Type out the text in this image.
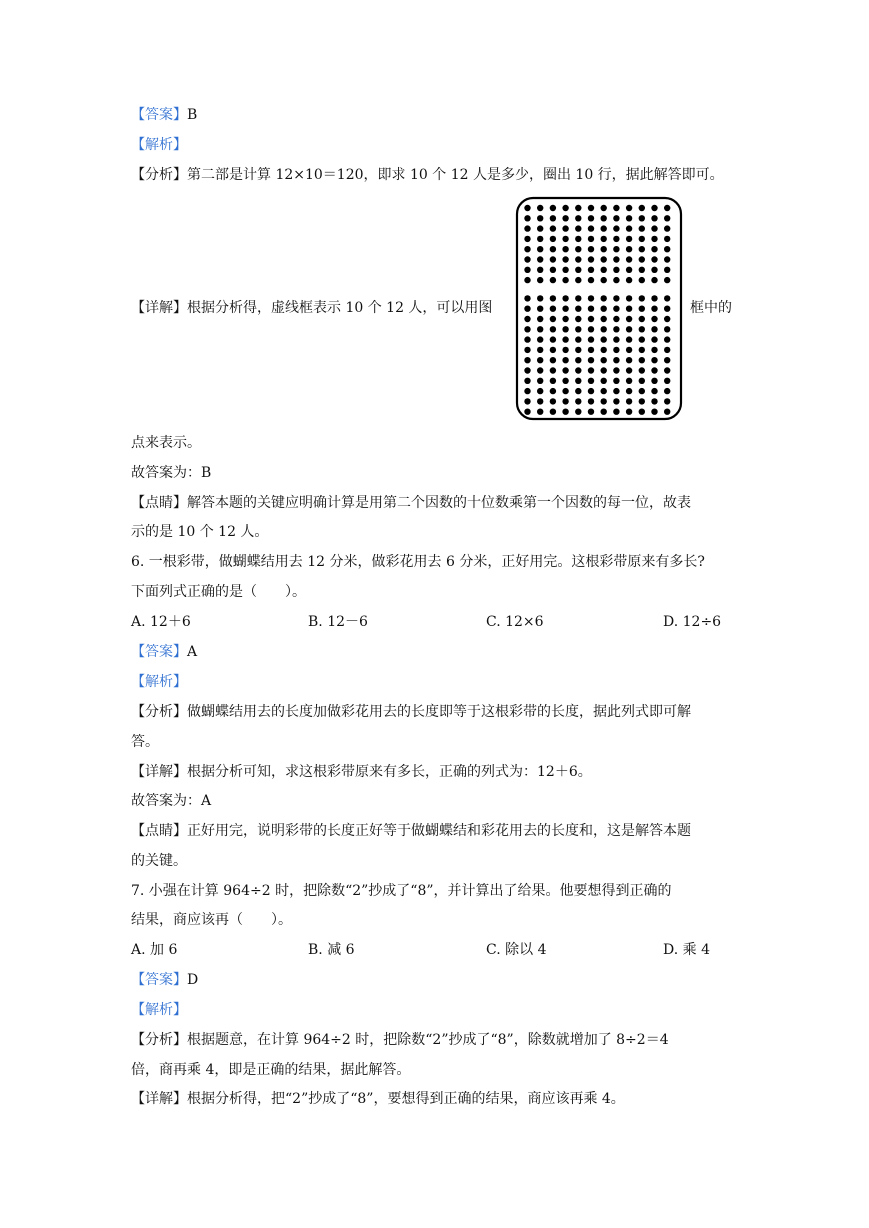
【答案】B
【解析】
【分析】第二部是计算 12×10＝120，即求 10 个 12 人是多少，圈出 10 行，据此解答即可。
【详解】根据分析得，虚线框表示 10 个 12 人，可以用图	框中的
点来表示。
故答案为：B
【点睛】解答本题的关键应明确计算是用第二个因数的十位数乘第一个因数的每一位，故表
示的是 10 个 12 人。
6. 一根彩带，做蝴蝶结用去 12 分米，做彩花用去 6 分米，正好用完。这根彩带原来有多长?
下面列式正确的是（　　）。
A. 12＋6	B. 12－6	C. 12×6	D. 12÷6
【答案】A
【解析】
【分析】做蝴蝶结用去的长度加做彩花用去的长度即等于这根彩带的长度，据此列式即可解
答。
【详解】根据分析可知，求这根彩带原来有多长，正确的列式为：12＋6。
故答案为：A
【点睛】正好用完，说明彩带的长度正好等于做蝴蝶结和彩花用去的长度和，这是解答本题
的关键。
7. 小强在计算 964÷2 时，把除数“2”抄成了“8”，并计算出了给果。他要想得到正确的
结果，商应该再（　　）。
A. 加 6	B. 减 6	C. 除以 4	D. 乘 4
【答案】D
【解析】
【分析】根据题意，在计算 964÷2 时，把除数“2”抄成了“8”，除数就增加了 8÷2＝4
倍，商再乘 4，即是正确的结果，据此解答。
【详解】根据分析得，把“2”抄成了“8”，要想得到正确的结果，商应该再乘 4。
